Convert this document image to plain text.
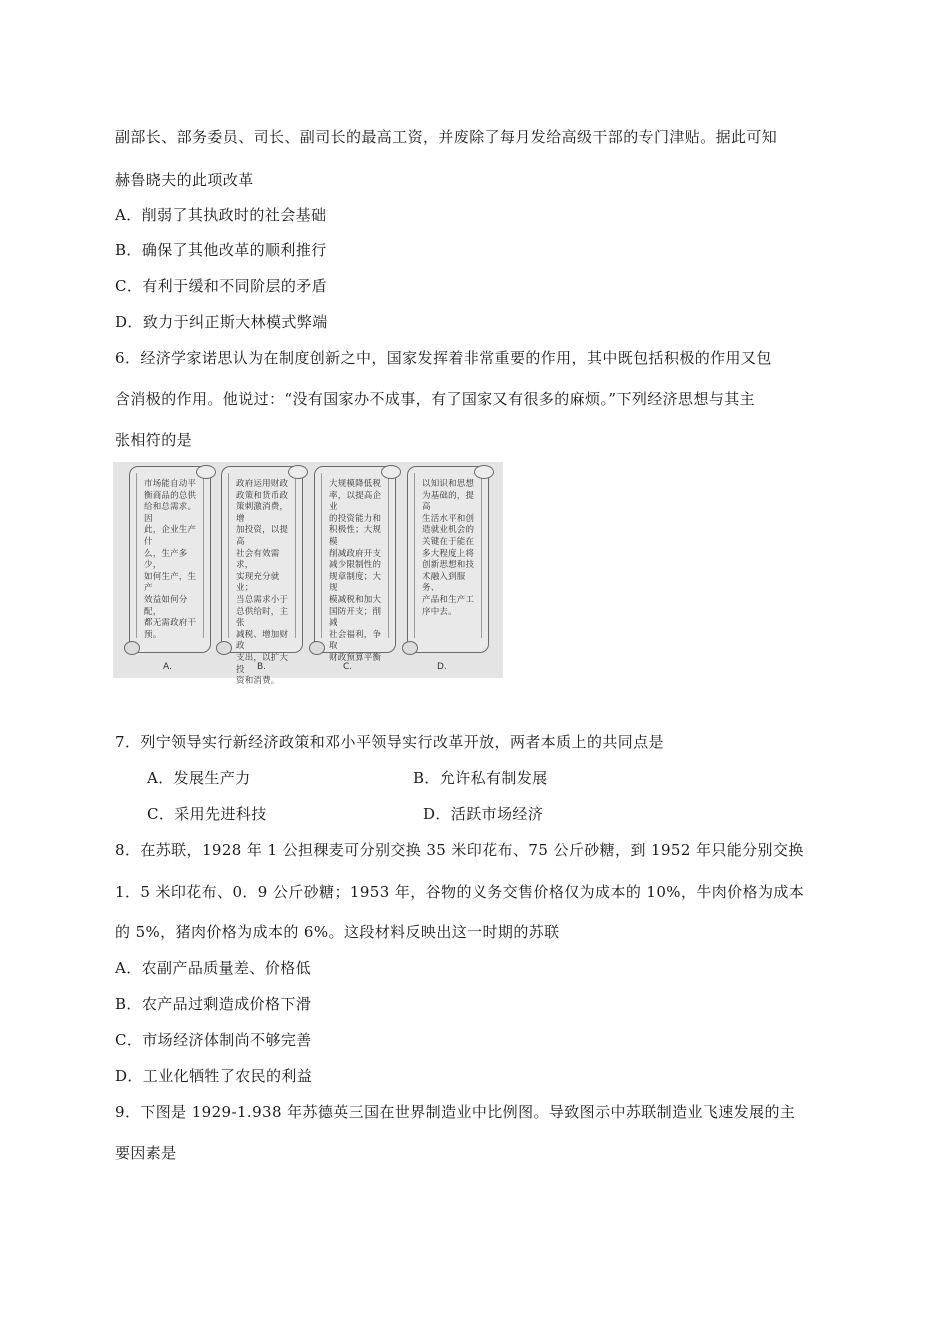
副部长、部务委员、司长、副司长的最高工资，并废除了每月发给高级干部的专门津贴。据此可知
赫鲁晓夫的此项改革
A．削弱了其执政时的社会基础
B．确保了其他改革的顺利推行
C．有利于缓和不同阶层的矛盾
D．致力于纠正斯大林模式弊端
6．经济学家诺思认为在制度创新之中，国家发挥着非常重要的作用，其中既包括积极的作用又包
含消极的作用。他说过：“没有国家办不成事，有了国家又有很多的麻烦。”下列经济思想与其主
张相符的是
市场能自动平
衡商品的总供
给和总需求。因
此，企业生产什
么，生产多少，
如何生产，生产
效益如何分配，
都无需政府干
预。
A.
政府运用财政
政策和货币政
策刺激消费，增
加投资，以提高
社会有效需求，
实现充分就业；
当总需求小于
总供给时，主张
减税、增加财政
支出，以扩大投
资和消费。
B.
大规模降低税
率，以提高企业
的投资能力和
积极性；大规模
削减政府开支
减少限制性的
规章制度；大规
模减税和加大
国防开支；削减
社会福利，争取
财政预算平衡
C.
以知识和思想
为基础的，提高
生活水平和创
造就业机会的
关键在于能在
多大程度上将
创新思想和技
术融入到服务、
产品和生产工
序中去。
D.
7．列宁领导实行新经济政策和邓小平领导实行改革开放，两者本质上的共同点是
A．发展生产力	B．允许私有制发展
C．采用先进科技	D．活跃市场经济
8．在苏联，1928 年 1 公担稞麦可分别交换 35 米印花布、75 公斤砂糖，到 1952 年只能分别交换
1．5 米印花布、0．9 公斤砂糖；1953 年，谷物的义务交售价格仅为成本的 10%，牛肉价格为成本
的 5%，猪肉价格为成本的 6%。这段材料反映出这一时期的苏联
A．农副产品质量差、价格低
B．农产品过剩造成价格下滑
C．市场经济体制尚不够完善
D．工业化牺牲了农民的利益
9．下图是 1929-1.938 年苏德英三国在世界制造业中比例图。导致图示中苏联制造业飞速发展的主
要因素是
